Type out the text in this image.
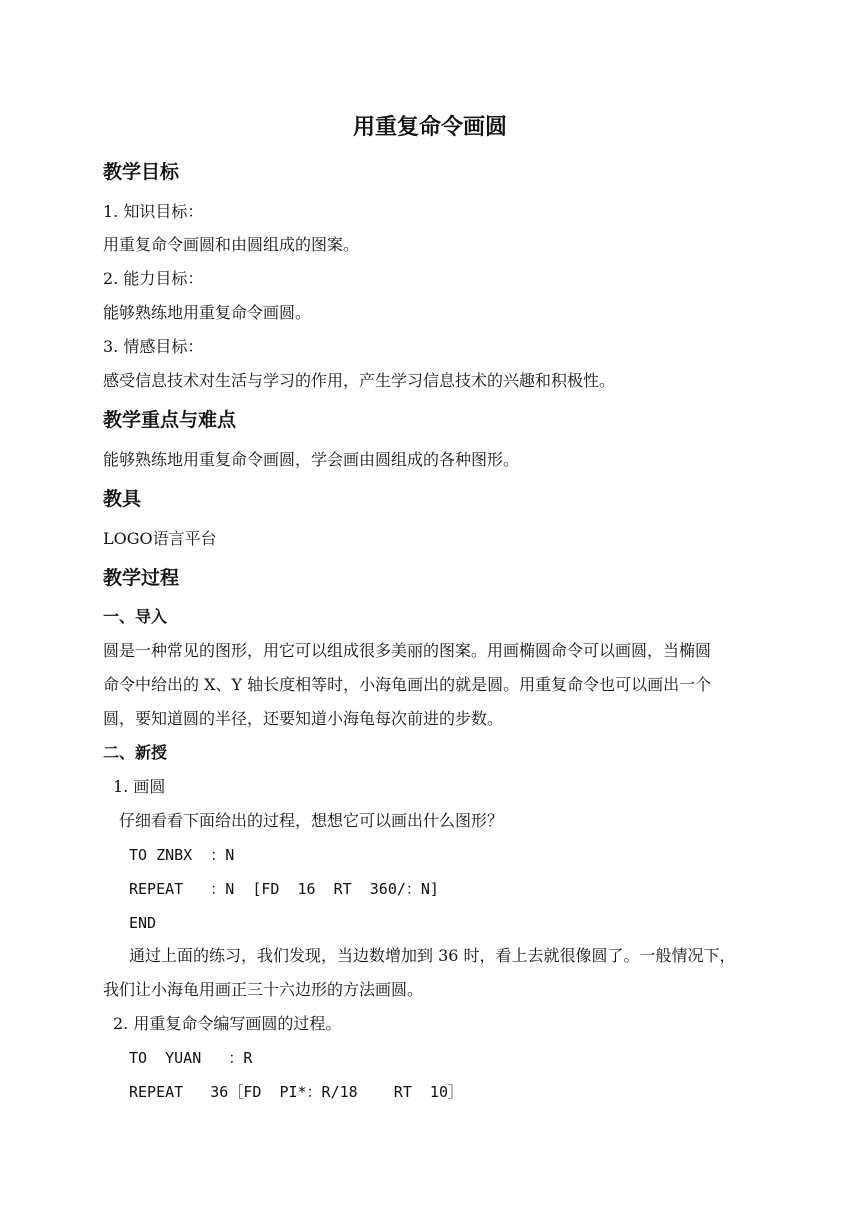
用重复命令画圆
教学目标
1. 知识目标：
用重复命令画圆和由圆组成的图案。
2. 能力目标：
能够熟练地用重复命令画圆。
3. 情感目标：
感受信息技术对生活与学习的作用，产生学习信息技术的兴趣和积极性。
教学重点与难点
能够熟练地用重复命令画圆，学会画由圆组成的各种图形。
教具
LOGO语言平台
教学过程
一、导入
圆是一种常见的图形，用它可以组成很多美丽的图案。用画椭圆命令可以画圆，当椭圆
命令中给出的 X、Y 轴长度相等时，小海龟画出的就是圆。用重复命令也可以画出一个
圆，要知道圆的半径，还要知道小海龟每次前进的步数。
二、新授
1. 画圆
仔细看看下面给出的过程，想想它可以画出什么图形？
TO ZNBX  ：N
REPEAT   ：N  [FD  16  RT  360/：N]
END
通过上面的练习，我们发现，当边数增加到 36 时，看上去就很像圆了。一般情况下，
我们让小海龟用画正三十六边形的方法画圆。
2. 用重复命令编写画圆的过程。
TO  YUAN   ：R
REPEAT   36［FD  PI*：R/18    RT  10］
